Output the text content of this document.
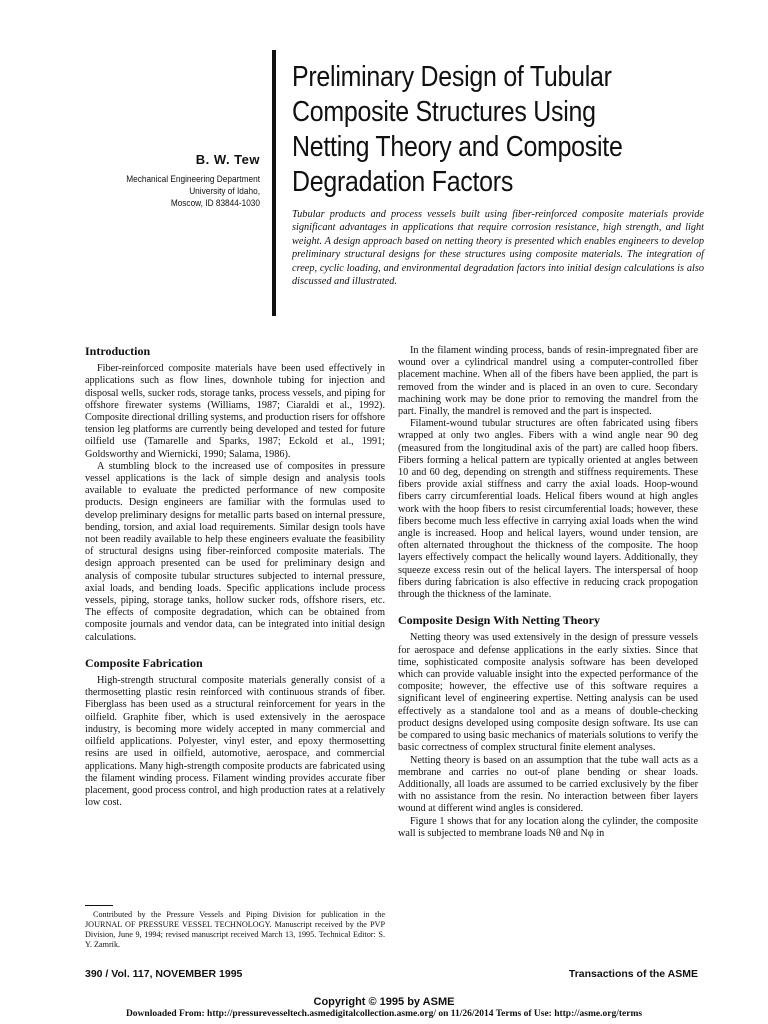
B. W. Tew
Mechanical Engineering Department
University of Idaho,
Moscow, ID 83844-1030
Preliminary Design of Tubular Composite Structures Using Netting Theory and Composite Degradation Factors

Tubular products and process vessels built using fiber-reinforced composite materials provide significant advantages in applications that require corrosion resistance, high strength, and light weight. A design approach based on netting theory is presented which enables engineers to develop preliminary structural designs for these structures using composite materials. The integration of creep, cyclic loading, and environmental degradation factors into initial design calculations is also discussed and illustrated.

Introduction

Fiber-reinforced composite materials have been used effectively in applications such as flow lines, downhole tubing for injection and disposal wells, sucker rods, storage tanks, process vessels, and piping for offshore firewater systems (Williams, 1987; Ciaraldi et al., 1992). Composite directional drilling systems, and production risers for offshore tension leg platforms are currently being developed and tested for future oilfield use (Tamarelle and Sparks, 1987; Eckold et al., 1991; Goldsworthy and Wiernicki, 1990; Salama, 1986).

A stumbling block to the increased use of composites in pressure vessel applications is the lack of simple design and analysis tools available to evaluate the predicted performance of new composite products. Design engineers are familiar with the formulas used to develop preliminary designs for metallic parts based on internal pressure, bending, torsion, and axial load requirements. Similar design tools have not been readily available to help these engineers evaluate the feasibility of structural designs using fiber-reinforced composite materials. The design approach presented can be used for preliminary design and analysis of composite tubular structures subjected to internal pressure, axial loads, and bending loads. Specific applications include process vessels, piping, storage tanks, hollow sucker rods, offshore risers, etc. The effects of composite degradation, which can be obtained from composite journals and vendor data, can be integrated into initial design calculations.

Composite Fabrication

High-strength structural composite materials generally consist of a thermosetting plastic resin reinforced with continuous strands of fiber. Fiberglass has been used as a structural reinforcement for years in the oilfield. Graphite fiber, which is used extensively in the aerospace industry, is becoming more widely accepted in many commercial and oilfield applications. Polyester, vinyl ester, and epoxy thermosetting resins are used in oilfield, automotive, aerospace, and commercial applications. Many high-strength composite products are fabricated using the filament winding process. Filament winding provides accurate fiber placement, good process control, and high production rates at a relatively low cost.

In the filament winding process, bands of resin-impregnated fiber are wound over a cylindrical mandrel using a computer-controlled fiber placement machine. When all of the fibers have been applied, the part is removed from the winder and is placed in an oven to cure. Secondary machining work may be done prior to removing the mandrel from the part. Finally, the mandrel is removed and the part is inspected.

Filament-wound tubular structures are often fabricated using fibers wrapped at only two angles. Fibers with a wind angle near 90 deg (measured from the longitudinal axis of the part) are called hoop fibers. Fibers forming a helical pattern are typically oriented at angles between 10 and 60 deg, depending on strength and stiffness requirements. These fibers provide axial stiffness and carry the axial loads. Hoop-wound fibers carry circumferential loads. Helical fibers wound at high angles work with the hoop fibers to resist circumferential loads; however, these fibers become much less effective in carrying axial loads when the wind angle is increased. Hoop and helical layers, wound under tension, are often alternated throughout the thickness of the composite. The hoop layers effectively compact the helically wound layers. Additionally, they squeeze excess resin out of the helical layers. The interspersal of hoop fibers during fabrication is also effective in reducing crack propogation through the thickness of the laminate.

Composite Design With Netting Theory

Netting theory was used extensively in the design of pressure vessels for aerospace and defense applications in the early sixties. Since that time, sophisticated composite analysis software has been developed which can provide valuable insight into the expected performance of the composite; however, the effective use of this software requires a significant level of engineering expertise. Netting analysis can be used effectively as a standalone tool and as a means of double-checking product designs developed using composite design software. Its use can be compared to using basic mechanics of materials solutions to verify the basic correctness of complex structural finite element analyses.

Netting theory is based on an assumption that the tube wall acts as a membrane and carries no out-of plane bending or shear loads. Additionally, all loads are assumed to be carried exclusively by the fiber with no assistance from the resin. No interaction between fiber layers wound at different wind angles is considered.

Figure 1 shows that for any location along the cylinder, the composite wall is subjected to membrane loads Nθ and Nφ in

Contributed by the Pressure Vessels and Piping Division for publication in the JOURNAL OF PRESSURE VESSEL TECHNOLOGY. Manuscript received by the PVP Division, June 9, 1994; revised manuscript received March 13, 1995. Technical Editor: S. Y. Zamrik.

390 / Vol. 117, NOVEMBER 1995	Transactions of the ASME
Copyright © 1995 by ASME
Downloaded From: http://pressurevesseltech.asmedigitalcollection.asme.org/ on 11/26/2014 Terms of Use: http://asme.org/terms
